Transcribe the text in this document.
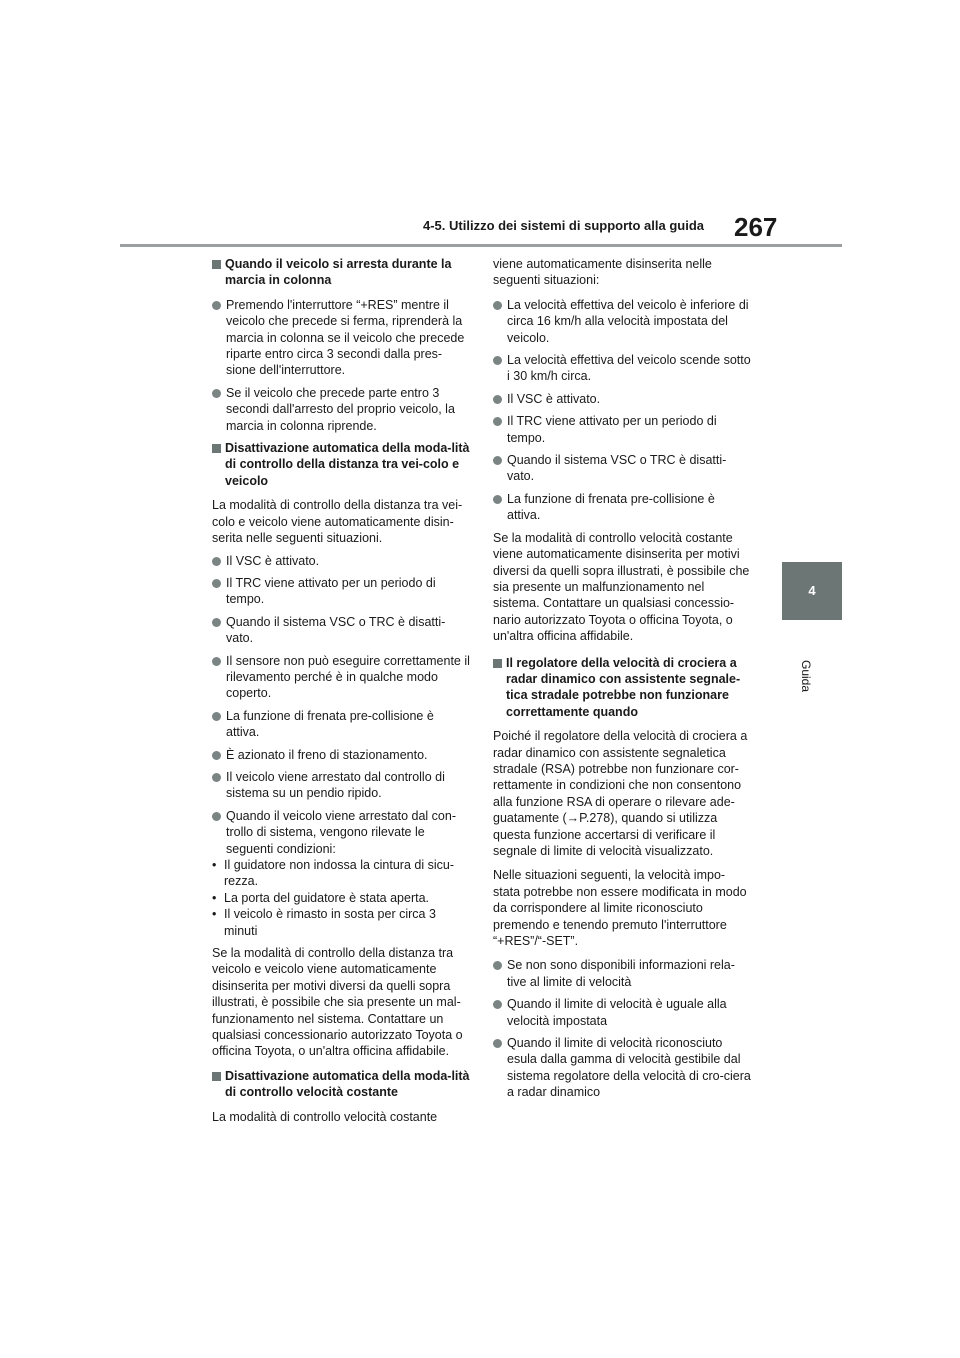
267
4-5. Utilizzo dei sistemi di supporto alla guida
4
Guida
Quando il veicolo si arresta durante la marcia in colonna
Premendo l'interruttore “+RES” mentre il veicolo che precede si ferma, riprenderà la marcia in colonna se il veicolo che precede riparte entro circa 3 secondi dalla pres-sione dell'interruttore.
Se il veicolo che precede parte entro 3 secondi dall'arresto del proprio veicolo, la marcia in colonna riprende.
Disattivazione automatica della moda-lità di controllo della distanza tra vei-colo e veicolo
La modalità di controllo della distanza tra vei-colo e veicolo viene automaticamente disin-serita nelle seguenti situazioni.
Il VSC è attivato.
Il TRC viene attivato per un periodo di tempo.
Quando il sistema VSC o TRC è disatti-vato.
Il sensore non può eseguire correttamente il rilevamento perché è in qualche modo coperto.
La funzione di frenata pre-collisione è attiva.
È azionato il freno di stazionamento.
Il veicolo viene arrestato dal controllo di sistema su un pendio ripido.
Quando il veicolo viene arrestato dal con-trollo di sistema, vengono rilevate le seguenti condizioni:
• Il guidatore non indossa la cintura di sicu-rezza.
• La porta del guidatore è stata aperta.
• Il veicolo è rimasto in sosta per circa 3 minuti
Se la modalità di controllo della distanza tra veicolo e veicolo viene automaticamente disinserita per motivi diversi da quelli sopra illustrati, è possibile che sia presente un mal-funzionamento nel sistema. Contattare un qualsiasi concessionario autorizzato Toyota o officina Toyota, o un'altra officina affidabile.
Disattivazione automatica della moda-lità di controllo velocità costante
La modalità di controllo velocità costante
viene automaticamente disinserita nelle seguenti situazioni:
La velocità effettiva del veicolo è inferiore di circa 16 km/h alla velocità impostata del veicolo.
La velocità effettiva del veicolo scende sotto i 30 km/h circa.
Il VSC è attivato.
Il TRC viene attivato per un periodo di tempo.
Quando il sistema VSC o TRC è disatti-vato.
La funzione di frenata pre-collisione è attiva.
Se la modalità di controllo velocità costante viene automaticamente disinserita per motivi diversi da quelli sopra illustrati, è possibile che sia presente un malfunzionamento nel sistema. Contattare un qualsiasi concessio-nario autorizzato Toyota o officina Toyota, o un'altra officina affidabile.
Il regolatore della velocità di crociera a radar dinamico con assistente segnale-tica stradale potrebbe non funzionare correttamente quando
Poiché il regolatore della velocità di crociera a radar dinamico con assistente segnaletica stradale (RSA) potrebbe non funzionare cor-rettamente in condizioni che non consentono alla funzione RSA di operare o rilevare ade-guatamente (→P.278), quando si utilizza questa funzione accertarsi di verificare il segnale di limite di velocità visualizzato.
Nelle situazioni seguenti, la velocità impo-stata potrebbe non essere modificata in modo da corrispondere al limite riconosciuto premendo e tenendo premuto l'interruttore “+RES”/“-SET”.
Se non sono disponibili informazioni rela-tive al limite di velocità
Quando il limite di velocità è uguale alla velocità impostata
Quando il limite di velocità riconosciuto esula dalla gamma di velocità gestibile dal sistema regolatore della velocità di cro-ciera a radar dinamico
